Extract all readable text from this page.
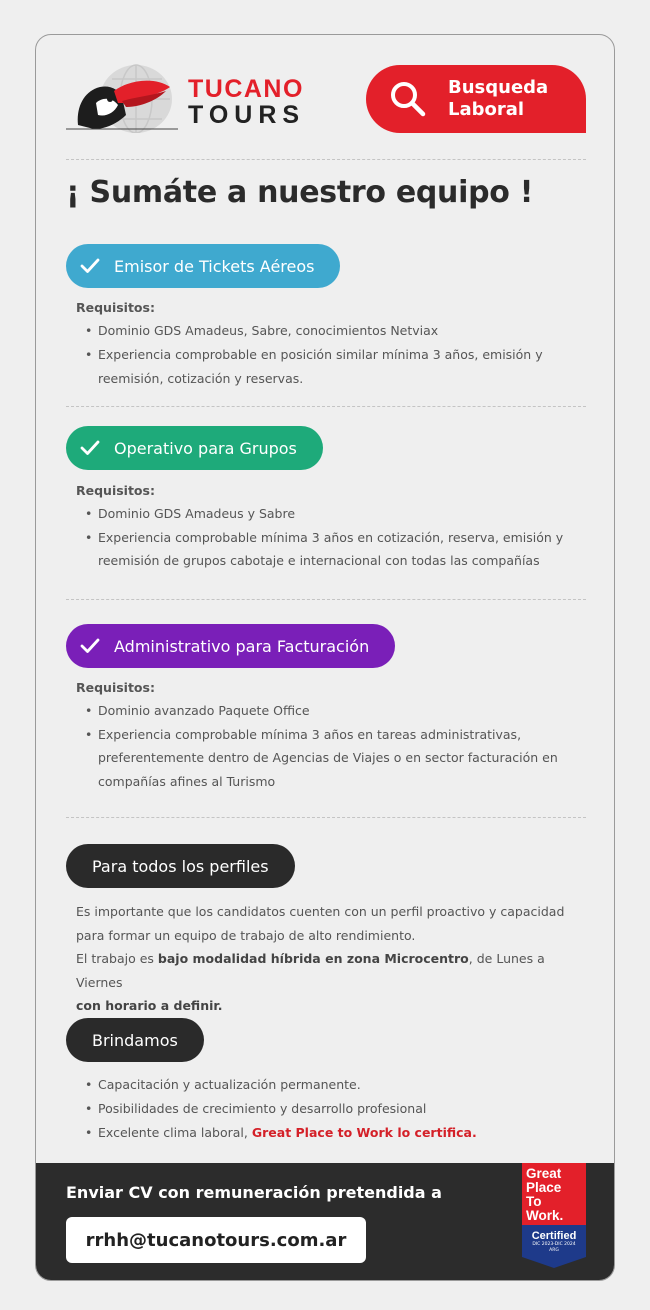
TUCANO
TOURS
Busqueda
Laboral
¡ Sumáte a nuestro equipo !
Emisor de Tickets Aéreos
Requisitos:
• Dominio GDS Amadeus, Sabre, conocimientos Netviax
• Experiencia comprobable en posición similar mínima 3 años, emisión y
reemisión, cotización y reservas.
Operativo para Grupos
Requisitos:
• Dominio GDS Amadeus y Sabre
• Experiencia comprobable mínima 3 años en cotización, reserva, emisión y
reemisión de grupos cabotaje e internacional con todas las compañías
Administrativo para Facturación
Requisitos:
• Dominio avanzado Paquete Office
• Experiencia comprobable mínima 3 años en tareas administrativas,
preferentemente dentro de Agencias de Viajes o en sector facturación en
compañías afines al Turismo
Para todos los perfiles
Es importante que los candidatos cuenten con un perfil proactivo y capacidad
para formar un equipo de trabajo de alto rendimiento.
El trabajo es bajo modalidad híbrida en zona Microcentro, de Lunes a Viernes
con horario a definir.
Brindamos
• Capacitación y actualización permanente.
• Posibilidades de crecimiento y desarrollo profesional
• Excelente clima laboral, Great Place to Work lo certifica.
Enviar CV con remuneración pretendida a
rrhh@tucanotours.com.ar
Great
Place
To
Work.
Certified
DIC 2023-DIC 2024
ARG
